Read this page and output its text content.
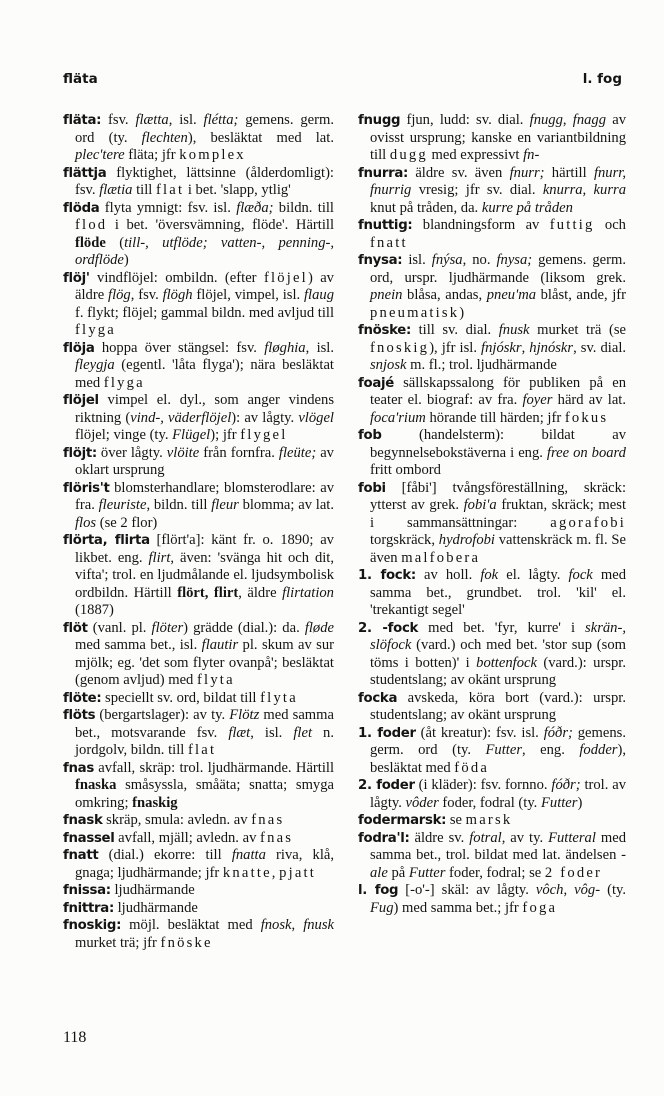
fläta	l. fog

fläta: fsv. flætta, isl. flétta; gemens. germ. ord (ty. flechten), besläktat med lat. plec'tere fläta; jfr komplex

flättja flyktighet, lättsinne (ålderdomligt): fsv. flætia till flat i bet. 'slapp, ytlig'

flöda flyta ymnigt: fsv. isl. flæða; bildn. till flod i bet. 'översvämning, flöde'. Härtill flöde (till-, utflöde; vatten-, penning-, ordflöde)

flöj' vindflöjel: ombildn. (efter flöjel) av äldre flög, fsv. flögh flöjel, vimpel, isl. flaug f. flykt; flöjel; gammal bildn. med avljud till flyga

flöja hoppa över stängsel: fsv. fløghia, isl. fleygja (egentl. 'låta flyga'); nära besläktat med flyga

flöjel vimpel el. dyl., som anger vindens riktning (vind-, väderflöjel): av lågty. vlögel flöjel; vinge (ty. Flügel); jfr flygel

flöjt: över lågty. vlöite från fornfra. fleüte; av oklart ursprung

flöris't blomsterhandlare; blomsterodlare: av fra. fleuriste, bildn. till fleur blomma; av lat. flos (se 2 flor)

flörta, flirta [flört'a]: känt fr. o. 1890; av likbet. eng. flirt, även: 'svänga hit och dit, vifta'; trol. en ljudmålande el. ljudsymbolisk ordbildn. Härtill flört, flirt, äldre flirtation (1887)

flöt (vanl. pl. flöter) grädde (dial.): da. fløde med samma bet., isl. flautir pl. skum av sur mjölk; eg. 'det som flyter ovanpå'; besläktat (genom avljud) med flyta

flöte: speciellt sv. ord, bildat till flyta

flöts (bergartslager): av ty. Flötz med samma bet., motsvarande fsv. flæt, isl. flet n. jordgolv, bildn. till flat

fnas avfall, skräp: trol. ljudhärmande. Härtill fnaska småsyssla, småäta; snatta; smyga omkring; fnaskig

fnask skräp, smula: avledn. av fnas

fnassel avfall, mjäll; avledn. av fnas

fnatt (dial.) ekorre: till fnatta riva, klå, gnaga; ljudhärmande; jfr knatte, pjatt

fnissa: ljudhärmande

fnittra: ljudhärmande

fnoskig: möjl. besläktat med fnosk, fnusk murket trä; jfr fnöske

fnugg fjun, ludd: sv. dial. fnugg, fnagg av ovisst ursprung; kanske en variantbildning till dugg med expressivt fn-

fnurra: äldre sv. även fnurr; härtill fnurr, fnurrig vresig; jfr sv. dial. knurra, kurra knut på tråden, da. kurre på tråden

fnuttig: blandningsform av futtig och fnatt

fnysa: isl. fnýsa, no. fnysa; gemens. germ. ord, urspr. ljudhärmande (liksom grek. pnein blåsa, andas, pneu'ma blåst, ande, jfr pneumatisk)

fnöske: till sv. dial. fnusk murket trä (se fnoskig), jfr isl. fnjóskr, hjnóskr, sv. dial. snjosk m. fl.; trol. ljudhärmande

foajé sällskapssalong för publiken på en teater el. biograf: av fra. foyer härd av lat. foca'rium hörande till härden; jfr fokus

fob (handelsterm): bildat av begynnelsebokstäverna i eng. free on board fritt ombord

fobi [fåbi'] tvångsföreställning, skräck: ytterst av grek. fobi'a fruktan, skräck; mest i sammansättningar: agorafobi torgskräck, hydrofobi vattenskräck m. fl. Se även malfobera

1. fock: av holl. fok el. lågty. fock med samma bet., grundbet. trol. 'kil' el. 'trekantigt segel'

2. -fock med bet. 'fyr, kurre' i skrän-, slöfock (vard.) och med bet. 'stor sup (som töms i botten)' i bottenfock (vard.): urspr. studentslang; av okänt ursprung

focka avskeda, köra bort (vard.): urspr. studentslang; av okänt ursprung

1. foder (åt kreatur): fsv. isl. fóðr; gemens. germ. ord (ty. Futter, eng. fodder), besläktat med föda

2. foder (i kläder): fsv. fornno. fóðr; trol. av lågty. vôder foder, fodral (ty. Futter)

fodermarsk: se marsk

fodra'l: äldre sv. fotral, av ty. Futteral med samma bet., trol. bildat med lat. ändelsen -ale på Futter foder, fodral; se 2 foder

l. fog [-o'-] skäl: av lågty. vôch, vôg- (ty. Fug) med samma bet.; jfr foga

118
